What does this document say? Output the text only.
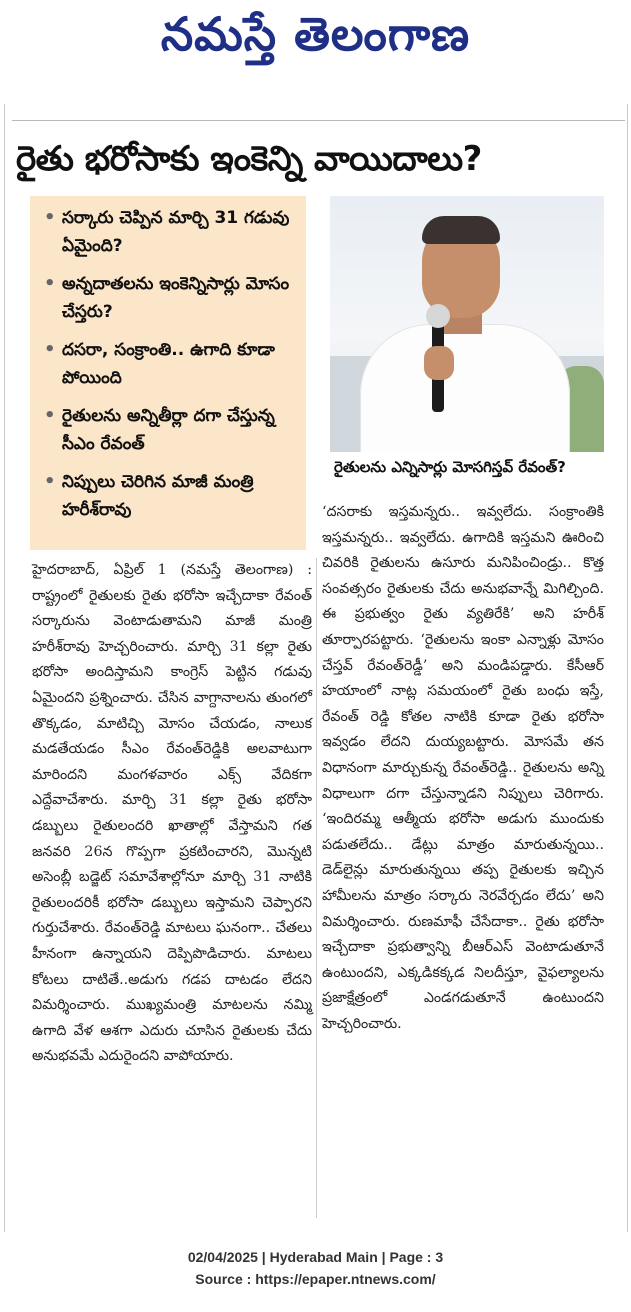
నమస్తే తెలంగాణ
రైతు భరోసాకు ఇంకెన్ని వాయిదాలు?
• సర్కారు చెప్పిన మార్చి 31 గడువు ఏమైంది?
• అన్నదాతలను ఇంకెన్నిసార్లు మోసం చేస్తరు?
• దసరా, సంక్రాంతి.. ఉగాది కూడా పోయింది
• రైతులను అన్నితీర్లా దగా చేస్తున్న సీఎం రేవంత్
• నిప్పులు చెరిగిన మాజీ మంత్రి హరీశ్‌రావు
రైతులను ఎన్నిసార్లు మోసగిస్తవ్ రేవంత్?

హైదరాబాద్, ఏప్రిల్ 1 (నమస్తే తెలంగాణ) : రాష్ట్రంలో రైతులకు రైతు భరోసా ఇచ్చేదాకా రేవంత్ సర్కారును వెంటాడుతామని మాజీ మంత్రి హరీశ్‌రావు హెచ్చరించారు. మార్చి 31 కల్లా రైతు భరోసా అందిస్తామని కాంగ్రెస్ పెట్టిన గడువు ఏమైందని ప్రశ్నించారు. చేసిన వాగ్దానాలను తుంగలో తొక్కడం, మాటిచ్చి మోసం చేయడం, నాలుక మడతేయడం సీఎం రేవంత్‌రెడ్డికి అలవాటుగా మారిందని మంగళవారం ఎక్స్ వేదికగా ఎద్దేవాచేశారు. మార్చి 31 కల్లా రైతు భరోసా డబ్బులు రైతులందరి ఖాతాల్లో వేస్తామని గత జనవరి 26న గొప్పగా ప్రకటించారని, మొన్నటి అసెంబ్లీ బడ్జెట్ సమావేశాల్లోనూ మార్చి 31 నాటికి రైతులందరికీ భరోసా డబ్బులు ఇస్తామని చెప్పారని గుర్తుచేశారు. రేవంత్‌రెడ్డి మాటలు ఘనంగా.. చేతలు హీనంగా ఉన్నాయని దెప్పిపొడిచారు. మాటలు కోటలు దాటితే..అడుగు గడప దాటడం లేదని విమర్శించారు. ముఖ్యమంత్రి మాటలను నమ్మి ఉగాది వేళ ఆశగా ఎదురు చూసిన రైతులకు చేదు అనుభవమే ఎదురైందని వాపోయారు.

‘దసరాకు ఇస్తమన్నరు.. ఇవ్వలేదు. సంక్రాంతికి ఇస్తమన్నరు.. ఇవ్వలేదు. ఉగాదికి ఇస్తమని ఊరించి చివరికి రైతులను ఉసూరు మనిపించిండ్రు.. కొత్త సంవత్సరం రైతులకు చేదు అనుభవాన్నే మిగిల్చింది. ఈ ప్రభుత్వం రైతు వ్యతిరేకి’ అని హరీశ్ తూర్పారపట్టారు. ‘రైతులను ఇంకా ఎన్నాళ్లు మోసం చేస్తవ్ రేవంత్‌రెడ్డీ’ అని మండిపడ్డారు. కేసీఆర్ హయాంలో నాట్ల సమయంలో రైతు బంధు ఇస్తే, రేవంత్ రెడ్డి కోతల నాటికి కూడా రైతు భరోసా ఇవ్వడం లేదని దుయ్యబట్టారు. మోసమే తన విధానంగా మార్చుకున్న రేవంత్‌రెడ్డి.. రైతులను అన్ని విధాలుగా దగా చేస్తున్నాడని నిప్పులు చెరిగారు. ‘ఇందిరమ్మ ఆత్మీయ భరోసా అడుగు ముందుకు పడుతలేదు.. డేట్లు మాత్రం మారుతున్నయి.. డెడ్‌లైన్లు మారుతున్నయి తప్ప రైతులకు ఇచ్చిన హామీలను మాత్రం సర్కారు నెరవేర్చడం లేదు’ అని విమర్శించారు. రుణమాఫీ చేసేదాకా.. రైతు భరోసా ఇచ్చేదాకా ప్రభుత్వాన్ని బీఆర్ఎస్ వెంటాడుతూనే ఉంటుందని, ఎక్కడికక్కడ నిలదీస్తూ, వైఫల్యాలను ప్రజాక్షేత్రంలో ఎండగడుతూనే ఉంటుందని హెచ్చరించారు.

02/04/2025 | Hyderabad Main | Page : 3
Source : https://epaper.ntnews.com/
